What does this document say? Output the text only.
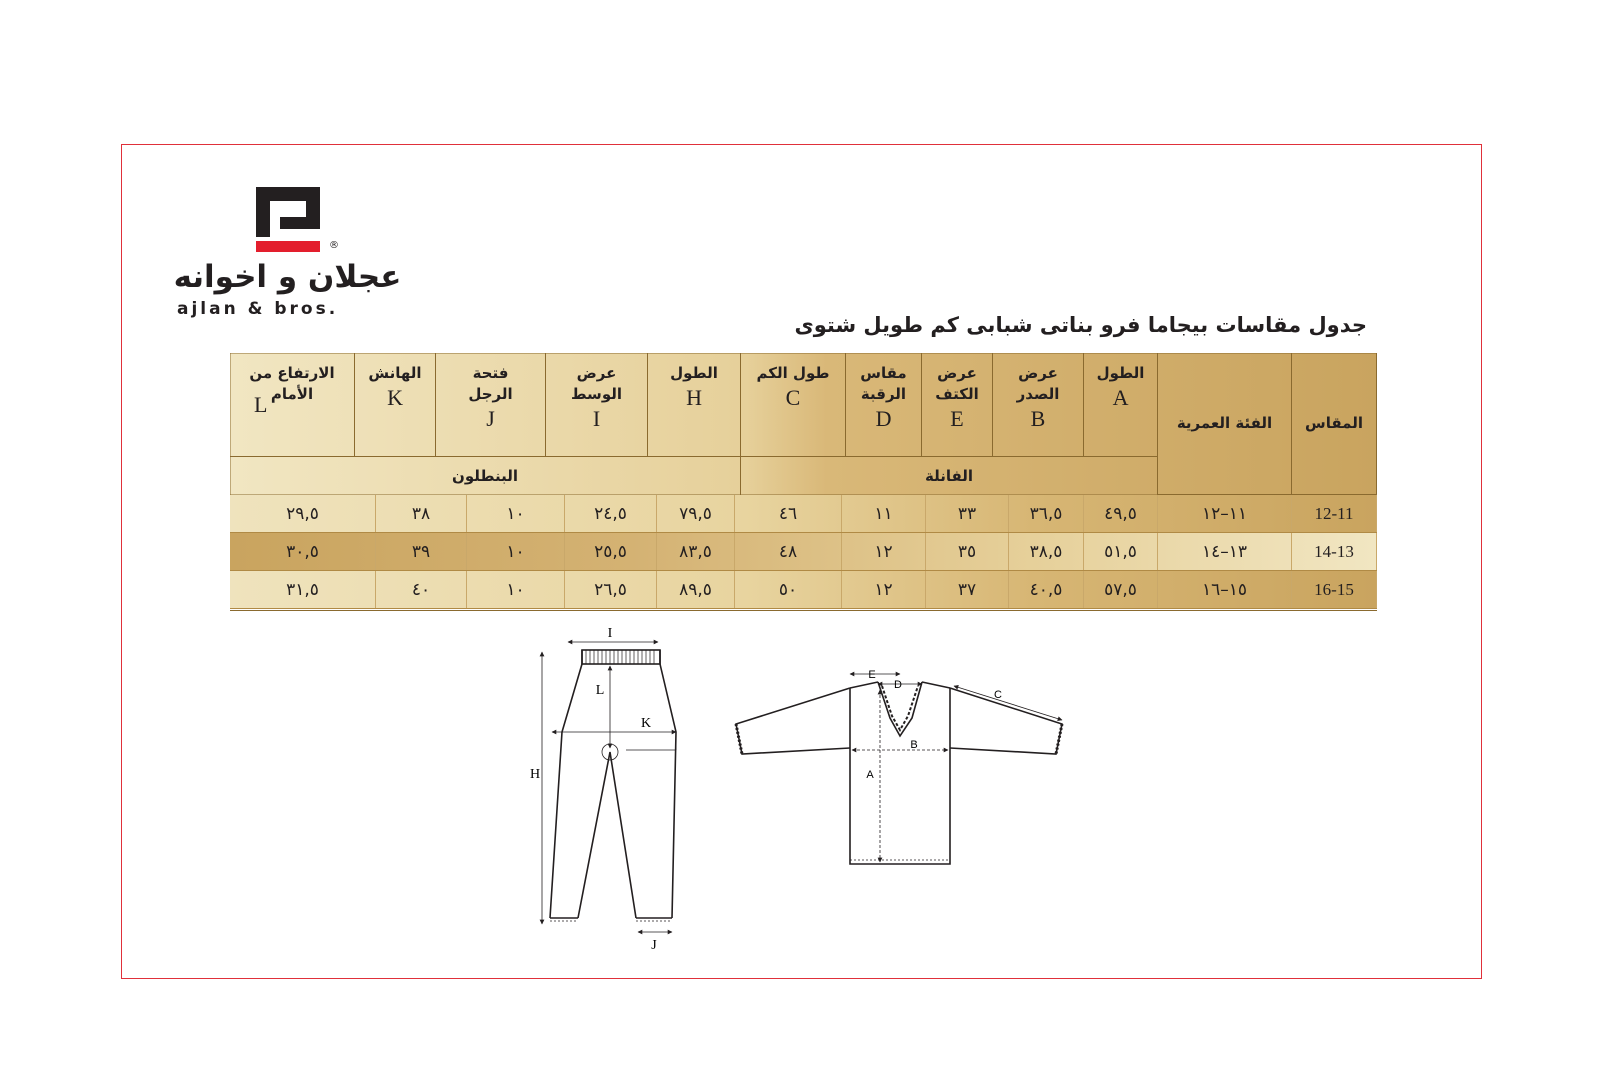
®
عجلان و اخوانه
ajlan & bros.
جدول مقاسات بيجاما فرو بناتى شبابى كم طويل شتوى
المقاس
الفئة العمرية
الطول
A
عرض الصدر
B
عرض الكتف
E
مقاس الرقبة
D
طول الكم
C
الطول
H
عرض الوسط
I
فتحة الرجل
J
الهانش
K
الارتفاع من الأمام
L
الفانلة
البنطلون
12-11
١١–١٢
٤٩,٥
٣٦,٥
٣٣
١١
٤٦
٧٩,٥
٢٤,٥
١٠
٣٨
٢٩,٥
14-13
١٣–١٤
٥١,٥
٣٨,٥
٣٥
١٢
٤٨
٨٣,٥
٢٥,٥
١٠
٣٩
٣٠,٥
16-15
١٥–١٦
٥٧,٥
٤٠,٥
٣٧
١٢
٥٠
٨٩,٥
٢٦,٥
١٠
٤٠
٣١,٥
I
L
K
H
J
E
D
C
B
A
